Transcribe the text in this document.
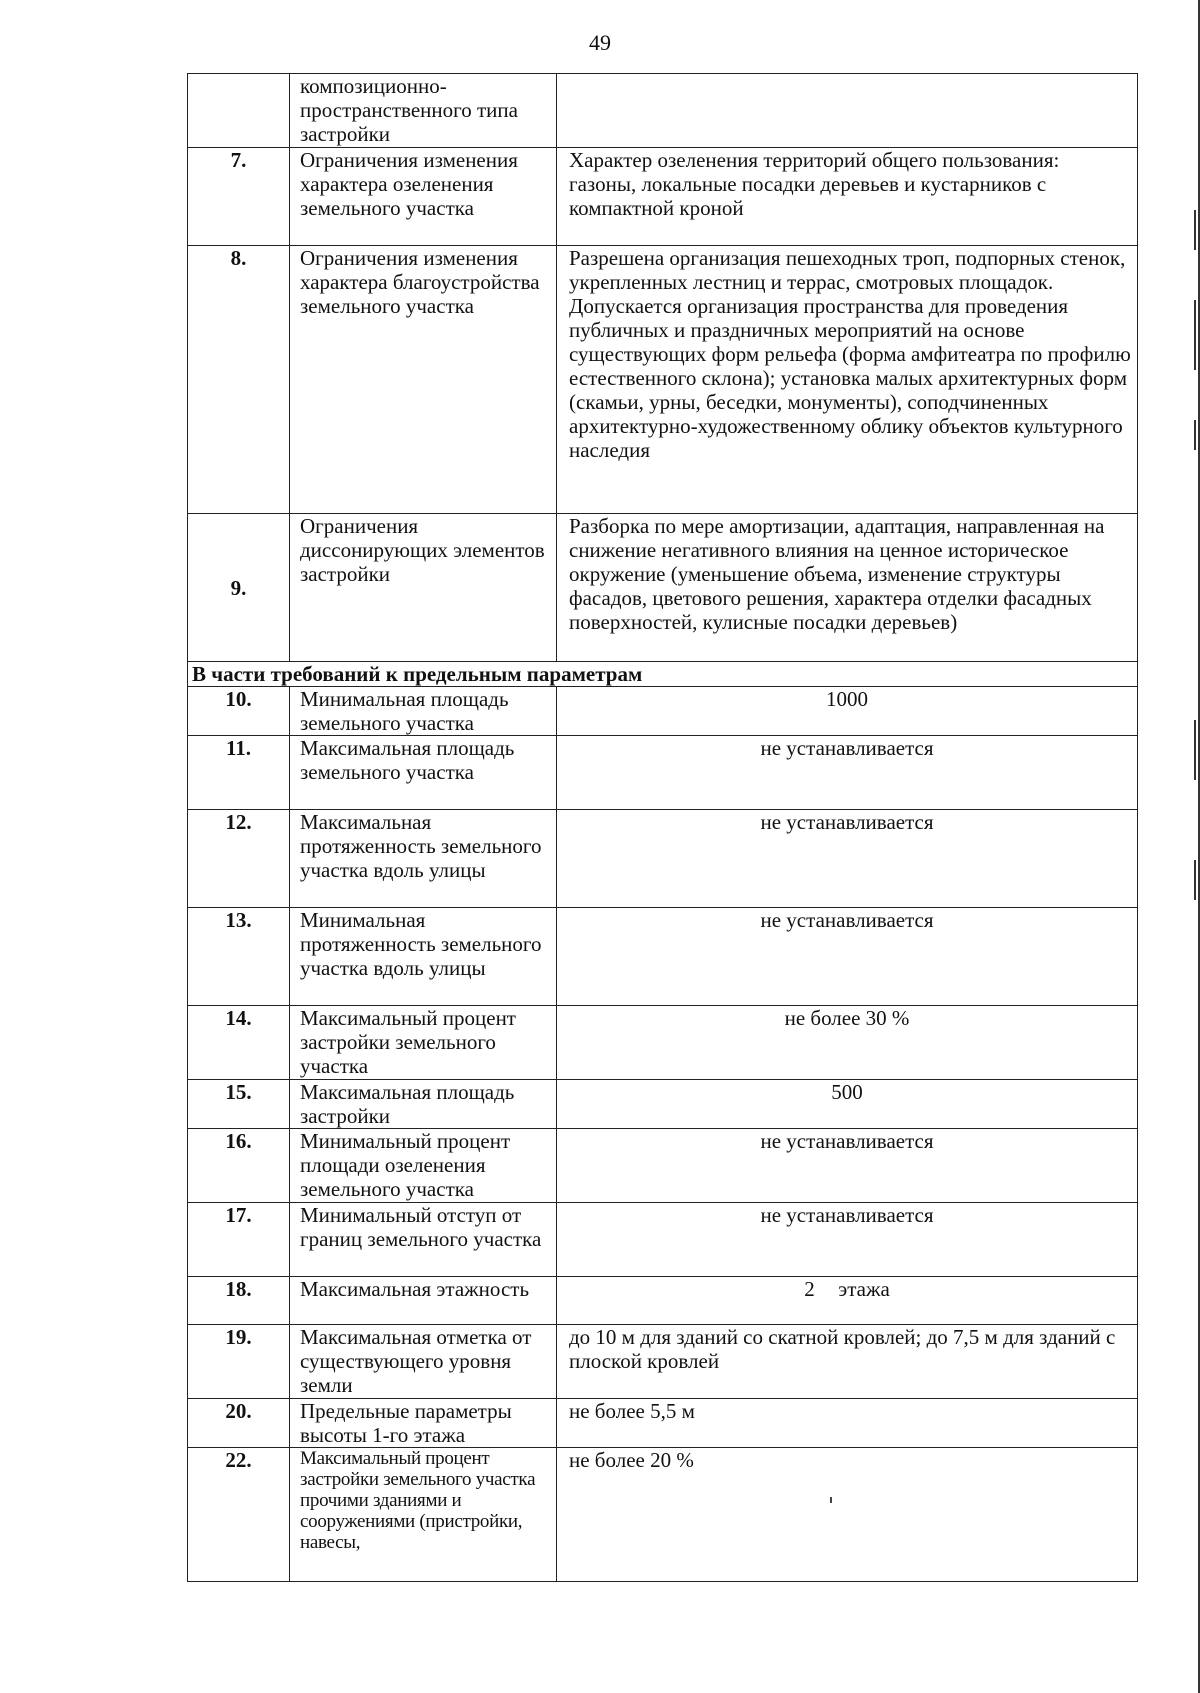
49
	композиционно-пространственного типа застройки	
7.	Ограничения изменения характера озеленения земельного участка	Характер озеленения территорий общего пользования: газоны, локальные посадки деревьев и кустарников с компактной кроной
8.	Ограничения изменения характера благоустройства земельного участка	Разрешена организация пешеходных троп, подпорных стенок, укрепленных лестниц и террас, смотровых площадок. Допускается организация пространства для проведения публичных и праздничных мероприятий на основе существующих форм рельефа (форма амфитеатра по профилю естественного склона); установка малых архитектурных форм (скамьи, урны, беседки, монументы), соподчиненных архитектурно-художественному облику объектов культурного наследия
9.	Ограничения диссонирующих элементов застройки	Разборка по мере амортизации, адаптация, направленная на снижение негативного влияния на ценное историческое окружение (уменьшение объема, изменение структуры фасадов, цветового решения, характера отделки фасадных поверхностей, кулисные посадки деревьев)
В части требований к предельным параметрам		
10.	Минимальная площадь земельного участка	1000
11.	Максимальная площадь земельного участка	не устанавливается
12.	Максимальная протяженность земельного участка вдоль улицы	не устанавливается
13.	Минимальная протяженность земельного участка вдоль улицы	не устанавливается
14.	Максимальный процент застройки земельного участка	не более 30 %
15.	Максимальная площадь застройки	500
16.	Минимальный процент площади озеленения земельного участка	не устанавливается
17.	Минимальный отступ от границ земельного участка	не устанавливается
18.	Максимальная этажность	2 этажа
19.	Максимальная отметка от существующего уровня земли	до 10 м для зданий со скатной кровлей; до 7,5 м для зданий с плоской кровлей
20.	Предельные параметры высоты 1-го этажа	не более 5,5 м
22.	Максимальный процент застройки земельного участка прочими зданиями и сооружениями (пристройки, навесы,	не более 20 %
